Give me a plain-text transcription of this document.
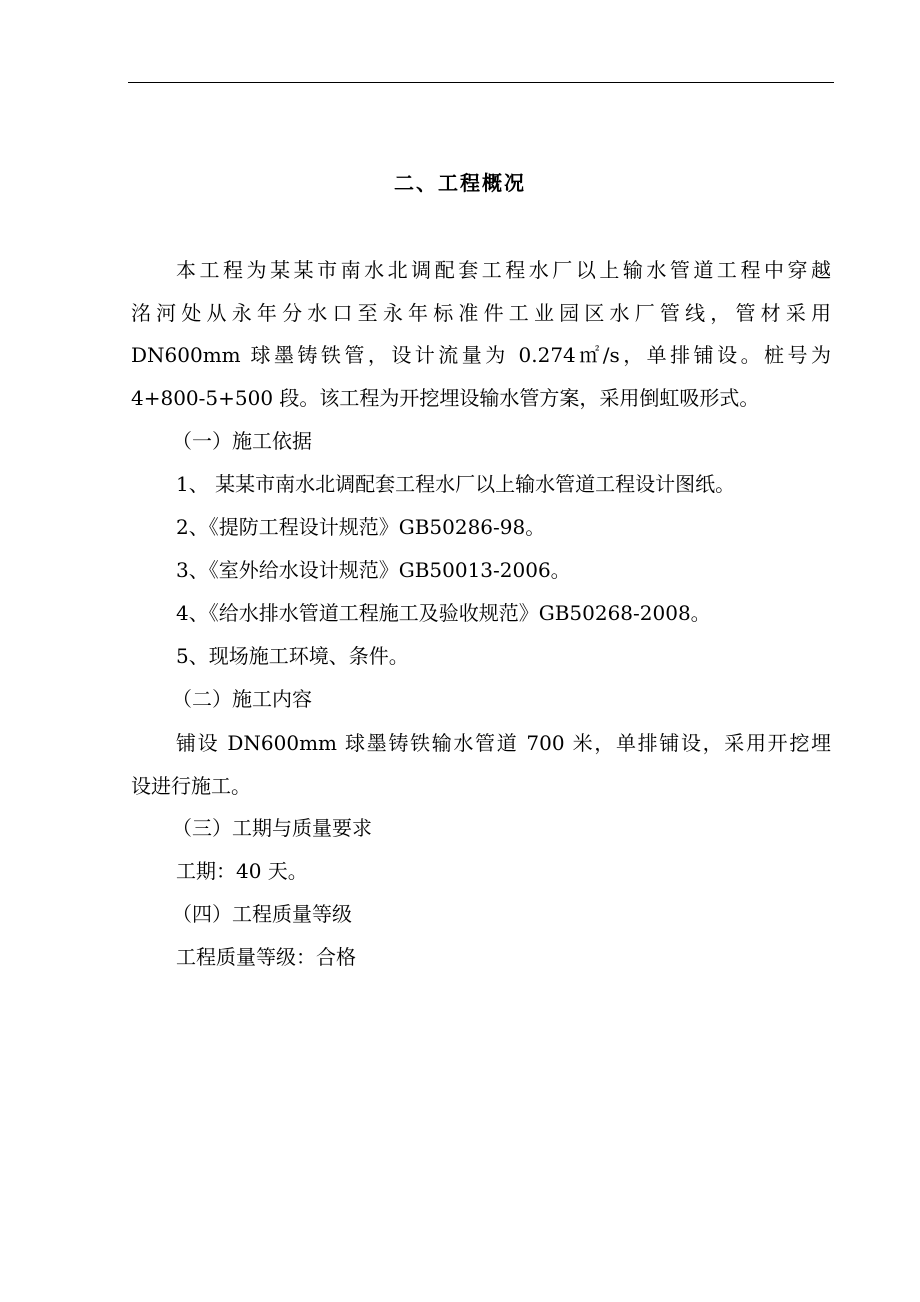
二、工程概况
本工程为某某市南水北调配套工程水厂以上输水管道工程中穿越
洺河处从永年分水口至永年标准件工业园区水厂管线，管材采用
DN600mm 球墨铸铁管，设计流量为 0.274㎡/s，单排铺设。桩号为
4+800-5+500 段。该工程为开挖埋设输水管方案，采用倒虹吸形式。
（一）施工依据
1、 某某市南水北调配套工程水厂以上输水管道工程设计图纸。
2、《提防工程设计规范》GB50286-98。
3、《室外给水设计规范》GB50013-2006。
4、《给水排水管道工程施工及验收规范》GB50268-2008。
5、现场施工环境、条件。
（二）施工内容
铺设 DN600mm 球墨铸铁输水管道 700 米，单排铺设，采用开挖埋
设进行施工。
（三）工期与质量要求
工期：40 天。
（四）工程质量等级
工程质量等级：合格
